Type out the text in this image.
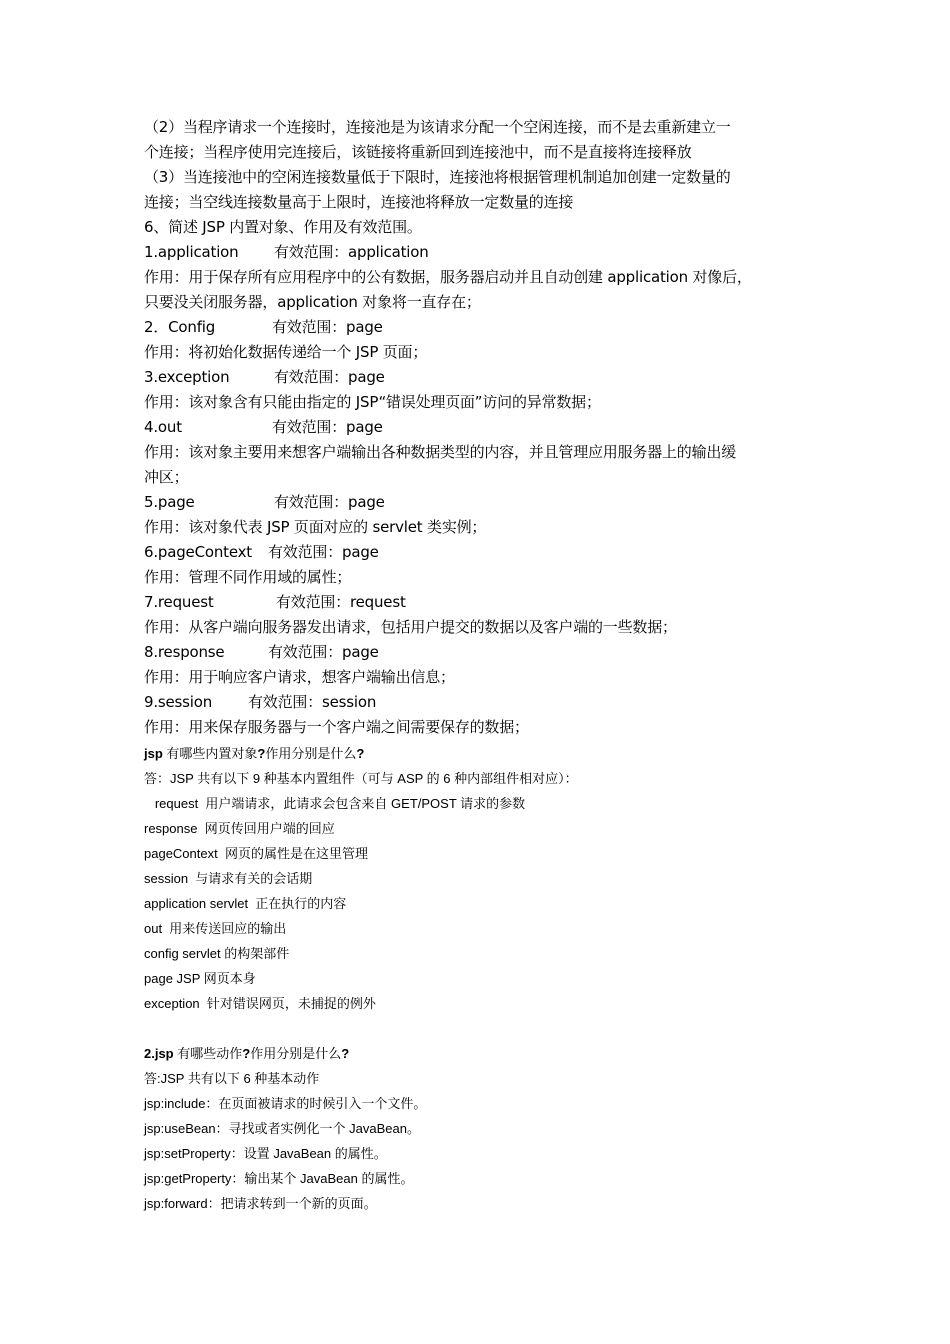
（2）当程序请求一个连接时，连接池是为该请求分配一个空闲连接，而不是去重新建立一
个连接；当程序使用完连接后，该链接将重新回到连接池中，而不是直接将连接释放
（3）当连接池中的空闲连接数量低于下限时，连接池将根据管理机制追加创建一定数量的
连接；当空线连接数量高于上限时，连接池将释放一定数量的连接
6、简述 JSP 内置对象、作用及有效范围。
1.application 有效范围：application
作用：用于保存所有应用程序中的公有数据，服务器启动并且自动创建 application 对像后，
只要没关闭服务器，application 对象将一直存在；
2．Config	有效范围：page
作用：将初始化数据传递给一个 JSP 页面；
3.exception	有效范围：page
作用：该对象含有只能由指定的 JSP“错误处理页面”访问的异常数据；
4.out	有效范围：page
作用：该对象主要用来想客户端输出各种数据类型的内容，并且管理应用服务器上的输出缓
冲区；
5.page	有效范围：page
作用：该对象代表 JSP 页面对应的 servlet 类实例；
6.pageContext 有效范围：page
作用：管理不同作用域的属性；
7.request	有效范围：request
作用：从客户端向服务器发出请求，包括用户提交的数据以及客户端的一些数据；
8.response	有效范围：page
作用：用于响应客户请求，想客户端输出信息；
9.session 有效范围：session
作用：用来保存服务器与一个客户端之间需要保存的数据；
jsp 有哪些内置对象?作用分别是什么?
答：JSP 共有以下 9 种基本内置组件（可与 ASP 的 6 种内部组件相对应）：
request  用户端请求，此请求会包含来自 GET/POST 请求的参数
response  网页传回用户端的回应
pageContext  网页的属性是在这里管理
session  与请求有关的会话期
application servlet  正在执行的内容
out  用来传送回应的输出
config servlet 的构架部件
page JSP 网页本身
exception  针对错误网页，未捕捉的例外
2.jsp 有哪些动作?作用分别是什么?
答:JSP 共有以下 6 种基本动作
jsp:include：在页面被请求的时候引入一个文件。
jsp:useBean：寻找或者实例化一个 JavaBean。
jsp:setProperty：设置 JavaBean 的属性。
jsp:getProperty：输出某个 JavaBean 的属性。
jsp:forward：把请求转到一个新的页面。
